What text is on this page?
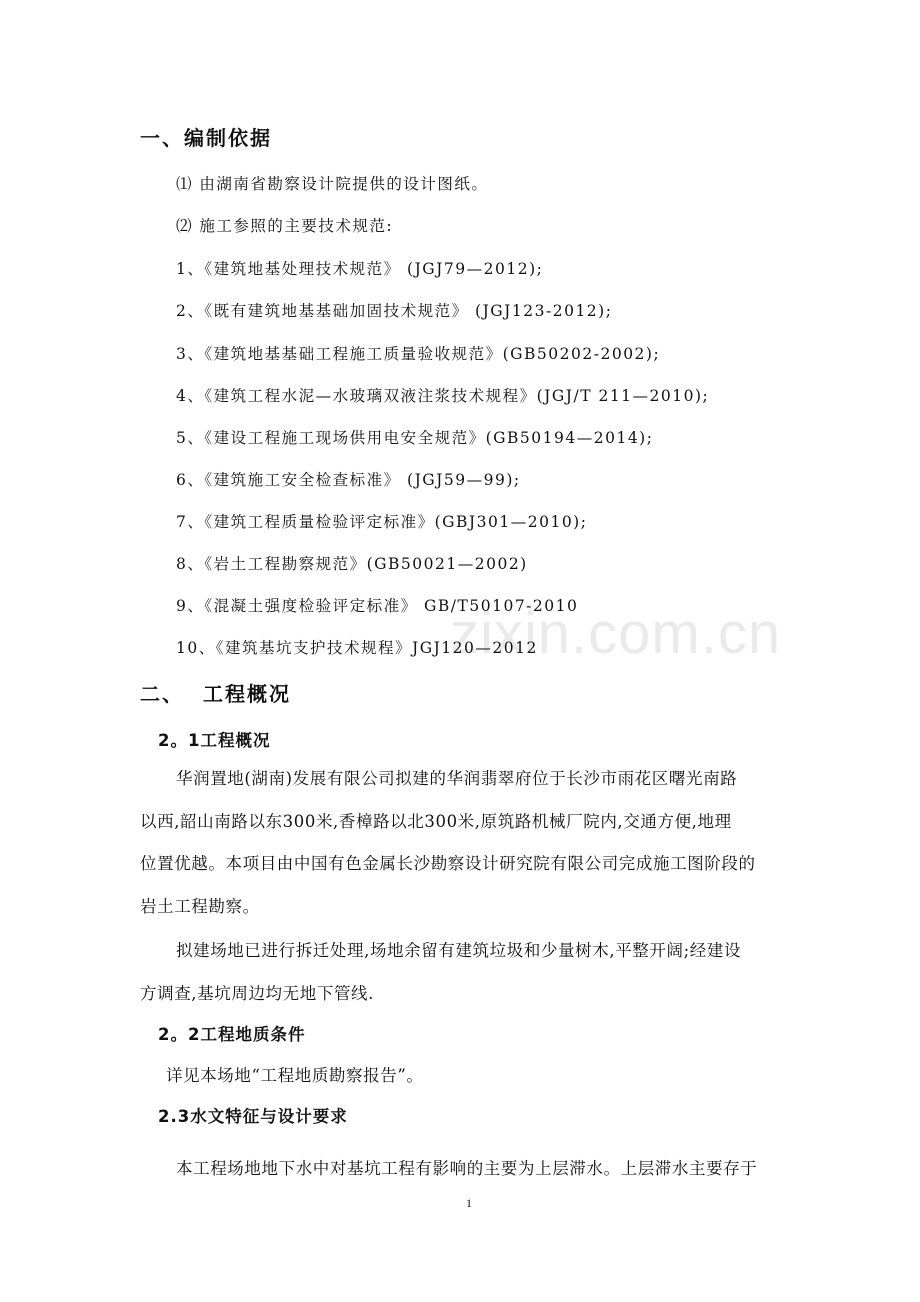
zixin.com.cn
一、编制依据
⑴ 由湖南省勘察设计院提供的设计图纸。
⑵ 施工参照的主要技术规范:
1、《建筑地基处理技术规范》 (JGJ79—2012);
2、《既有建筑地基基础加固技术规范》 (JGJ123-2012);
3、《建筑地基基础工程施工质量验收规范》(GB50202-2002);
4、《建筑工程水泥—水玻璃双液注浆技术规程》(JGJ/T 211—2010);
5、《建设工程施工现场供用电安全规范》(GB50194—2014);
6、《建筑施工安全检查标准》 (JGJ59—99);
7、《建筑工程质量检验评定标准》(GBJ301—2010);
8、《岩土工程勘察规范》(GB50021—2002)
9、《混凝土强度检验评定标准》 GB/T50107-2010
10、《建筑基坑支护技术规程》JGJ120—2012
二、 工程概况
2。1工程概况
华润置地(湖南)发展有限公司拟建的华润翡翠府位于长沙市雨花区曙光南路
以西,韶山南路以东300米,香樟路以北300米,原筑路机械厂院内,交通方便,地理
位置优越。本项目由中国有色金属长沙勘察设计研究院有限公司完成施工图阶段的
岩土工程勘察。
拟建场地已进行拆迁处理,场地余留有建筑垃圾和少量树木,平整开阔;经建设
方调查,基坑周边均无地下管线.
2。2工程地质条件
详见本场地“工程地质勘察报告”。
2.3水文特征与设计要求
本工程场地地下水中对基坑工程有影响的主要为上层滞水。上层滞水主要存于
1
